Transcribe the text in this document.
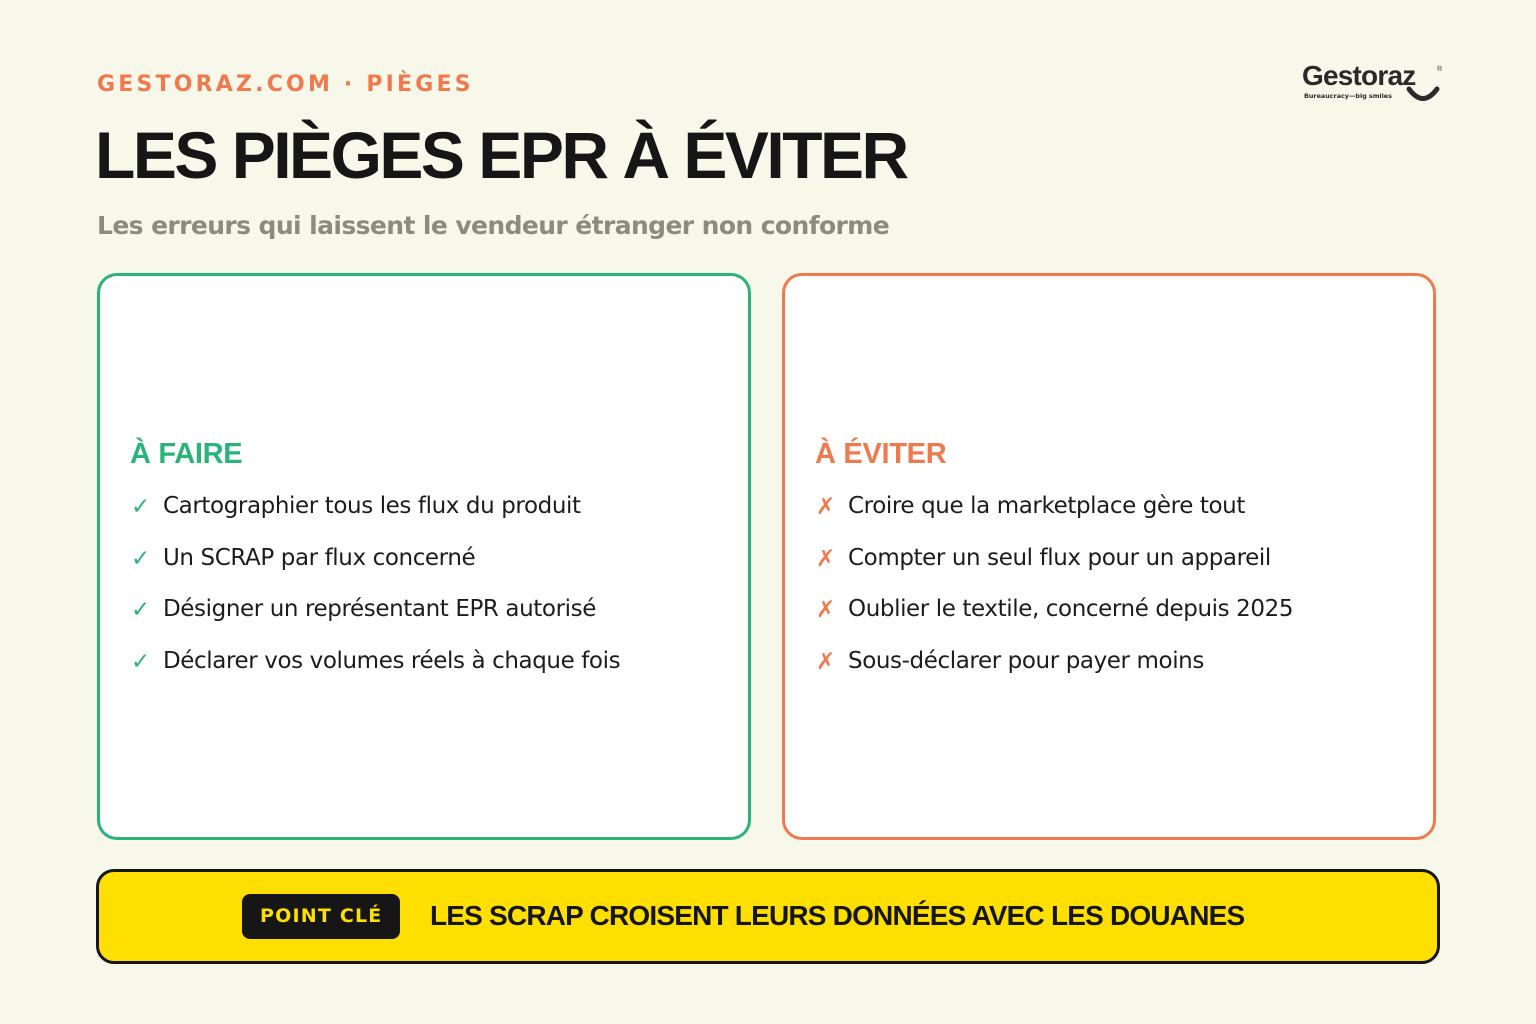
GESTORAZ.COM · PIÈGES
LES PIÈGES EPR À ÉVITER
Les erreurs qui laissent le vendeur étranger non conforme
Gestoraz	®
Bureaucracy—big smiles
À FAIRE
✓ Cartographier tous les flux du produit
✓ Un SCRAP par flux concerné
✓ Désigner un représentant EPR autorisé
✓ Déclarer vos volumes réels à chaque fois
À ÉVITER
✗ Croire que la marketplace gère tout
✗ Compter un seul flux pour un appareil
✗ Oublier le textile, concerné depuis 2025
✗ Sous-déclarer pour payer moins
POINT CLÉ	LES SCRAP CROISENT LEURS DONNÉES AVEC LES DOUANES
